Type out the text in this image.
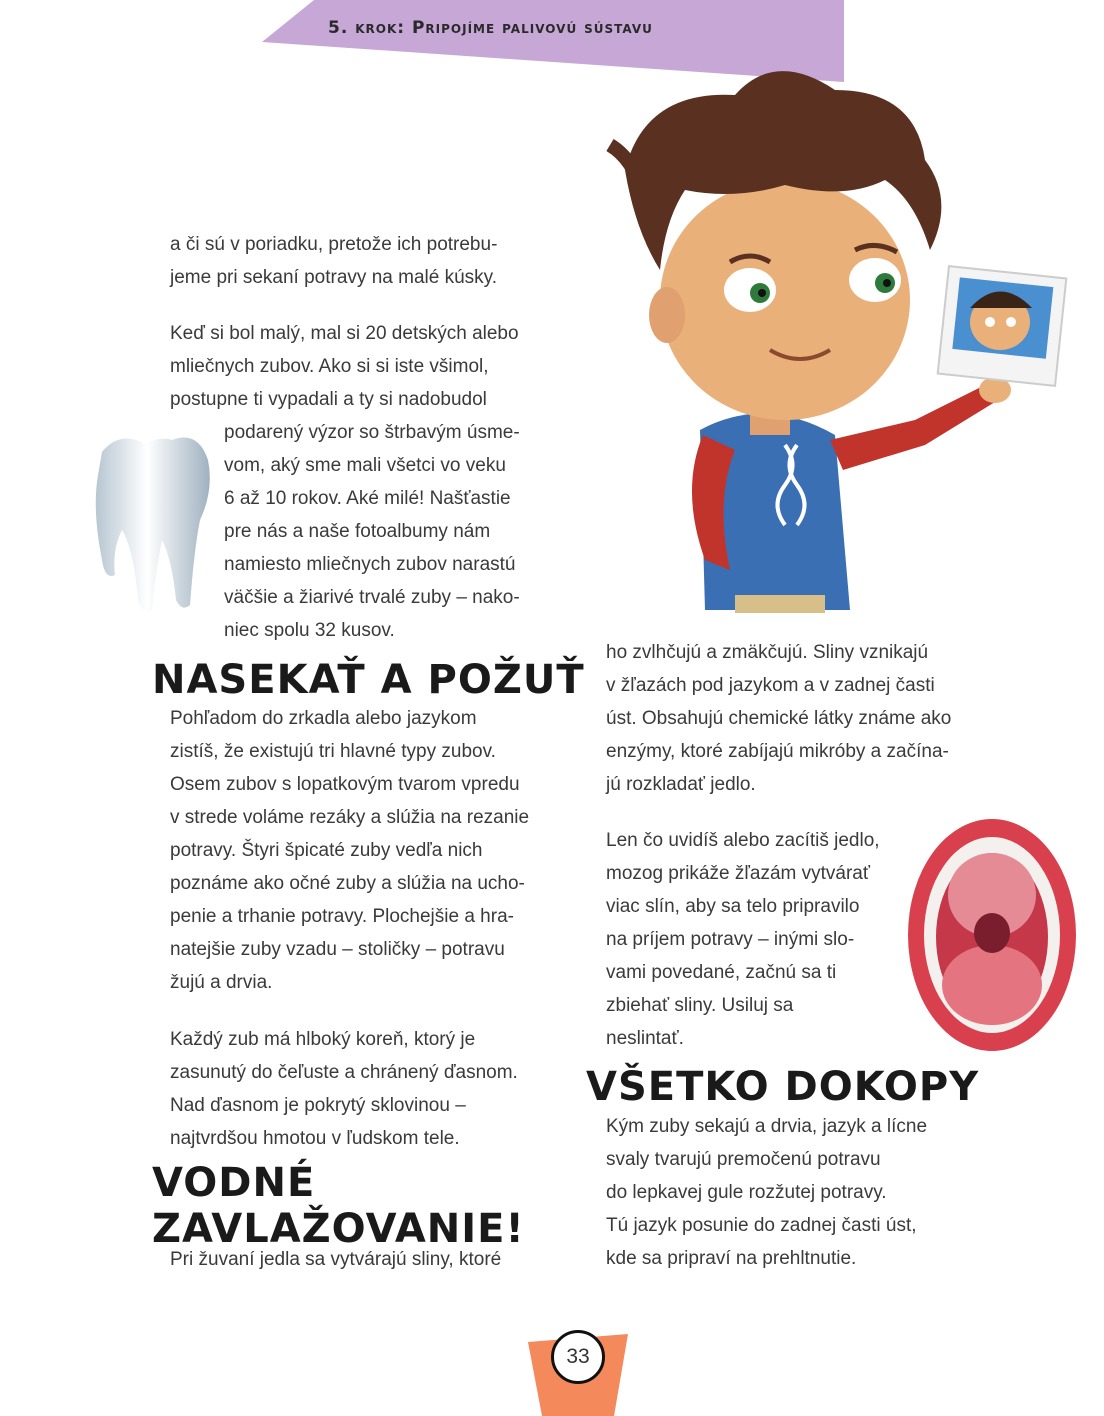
5. krok: Pripojíme palivovú sústavu

a či sú v poriadku, pretože ich potrebu-
jeme pri sekaní potravy na malé kúsky.

Keď si bol malý, mal si 20 detských alebo
mliečnych zubov. Ako si si iste všimol,
postupne ti vypadali a ty si nadobudol

podarený výzor so štrbavým úsme-
vom, aký sme mali všetci vo veku
6 až 10 rokov. Aké milé! Našťastie
pre nás a naše fotoalbumy nám
namiesto mliečnych zubov narastú
väčšie a žiarivé trvalé zuby – nako-
niec spolu 32 kusov.

NASEKAŤ A POŽUŤ

Pohľadom do zrkadla alebo jazykom
zistíš, že existujú tri hlavné typy zubov.
Osem zubov s lopatkovým tvarom vpredu
v strede voláme rezáky a slúžia na rezanie
potravy. Štyri špicaté zuby vedľa nich
poznáme ako očné zuby a slúžia na ucho-
penie a trhanie potravy. Plochejšie a hra-
natejšie zuby vzadu – stoličky – potravu
žujú a drvia.

Každý zub má hlboký koreň, ktorý je
zasunutý do čeľuste a chránený ďasnom.
Nad ďasnom je pokrytý sklovinou –
najtvrdšou hmotou v ľudskom tele.

VODNÉ
ZAVLAŽOVANIE!

Pri žuvaní jedla sa vytvárajú sliny, ktoré

ho zvlhčujú a zmäkčujú. Sliny vznikajú
v žľazách pod jazykom a v zadnej časti
úst. Obsahujú chemické látky známe ako
enzýmy, ktoré zabíjajú mikróby a začína-
jú rozkladať jedlo.

Len čo uvidíš alebo zacítiš jedlo,
mozog prikáže žľazám vytvárať
viac slín, aby sa telo pripravilo
na príjem potravy – inými slo-
vami povedané, začnú sa ti
zbiehať sliny. Usiluj sa
neslintať.

VŠETKO DOKOPY

Kým zuby sekajú a drvia, jazyk a lícne
svaly tvarujú premočenú potravu
do lepkavej gule rozžutej potravy.
Tú jazyk posunie do zadnej časti úst,
kde sa pripraví na prehltnutie.

33
